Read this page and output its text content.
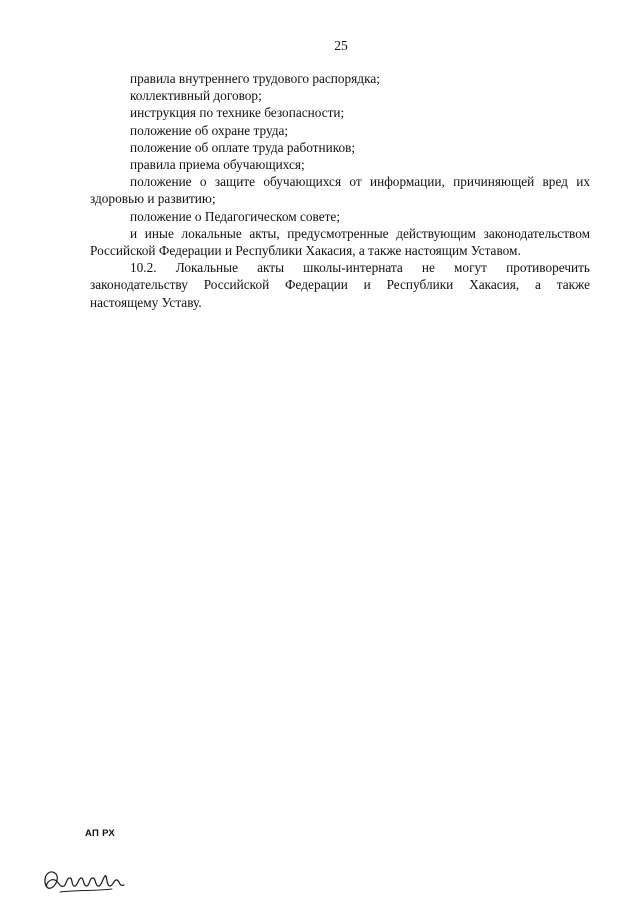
25

правила внутреннего трудового распорядка;

коллективный договор;

инструкция по технике безопасности;

положение об охране труда;

положение об оплате труда работников;

правила приема обучающихся;

положение о защите обучающихся от информации, причиняющей вред их
здоровью и развитию;

положение о Педагогическом совете;

и иные локальные акты, предусмотренные действующим законодательством
Российской Федерации и Республики Хакасия, а также настоящим Уставом.

10.2. Локальные акты школы-интерната не могут противоречить
законодательству Российской Федерации и Республики Хакасия, а также
настоящему Уставу.

АП РХ
